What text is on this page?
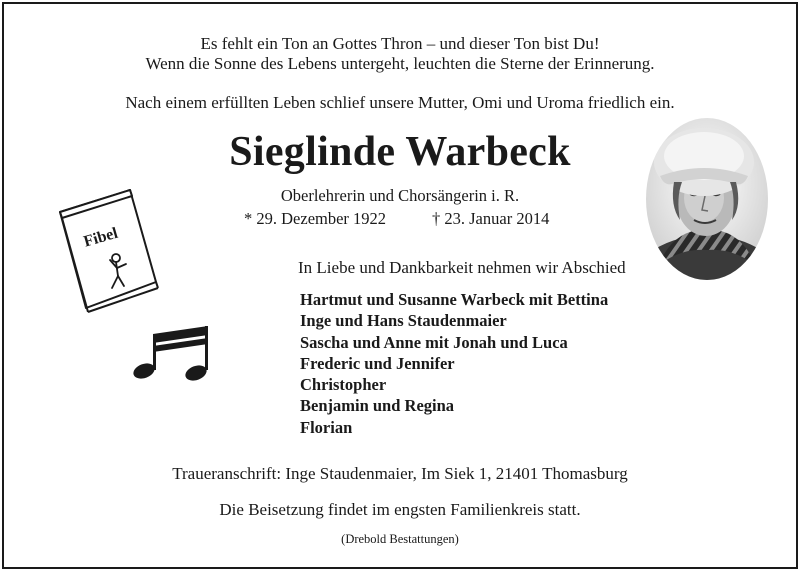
Es fehlt ein Ton an Gottes Thron – und dieser Ton bist Du!
Wenn die Sonne des Lebens untergeht, leuchten die Sterne der Erinnerung.
Nach einem erfüllten Leben schlief unsere Mutter, Omi und Uroma friedlich ein.
Sieglinde Warbeck
Oberlehrerin und Chorsängerin i. R.
* 29. Dezember 1922	† 23. Januar 2014
Fibel
In Liebe und Dankbarkeit nehmen wir Abschied
Hartmut und Susanne Warbeck mit Bettina
Inge und Hans Staudenmaier
Sascha und Anne mit Jonah und Luca
Frederic und Jennifer
Christopher
Benjamin und Regina
Florian
Traueranschrift: Inge Staudenmaier, Im Siek 1, 21401 Thomasburg
Die Beisetzung findet im engsten Familienkreis statt.
(Drebold Bestattungen)
